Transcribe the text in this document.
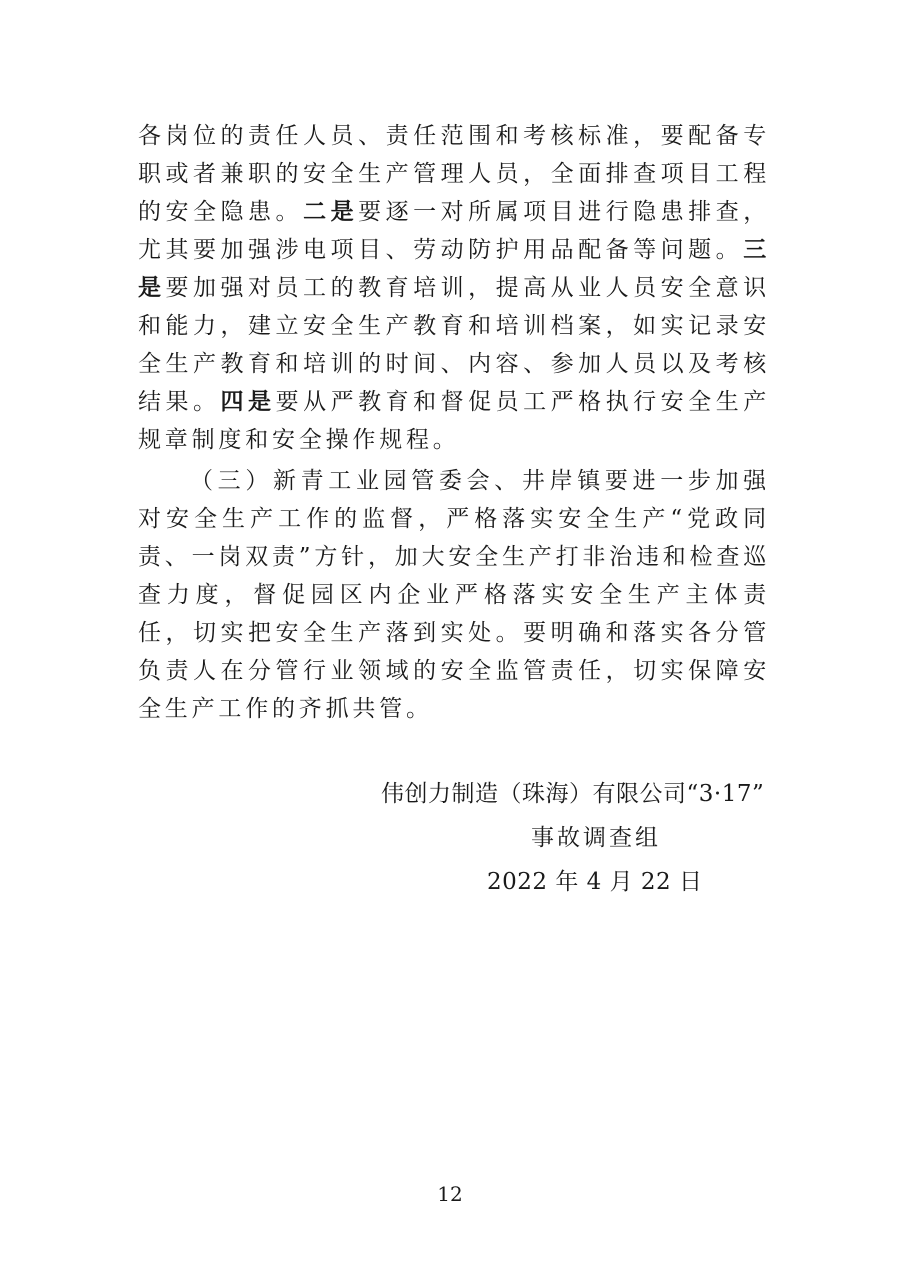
各岗位的责任人员、责任范围和考核标准，要配备专职或者兼职的安全生产管理人员，全面排查项目工程的安全隐患。二是要逐一对所属项目进行隐患排查，尤其要加强涉电项目、劳动防护用品配备等问题。三是要加强对员工的教育培训，提高从业人员安全意识和能力，建立安全生产教育和培训档案，如实记录安全生产教育和培训的时间、内容、参加人员以及考核结果。四是要从严教育和督促员工严格执行安全生产规章制度和安全操作规程。

（三）新青工业园管委会、井岸镇要进一步加强对安全生产工作的监督，严格落实安全生产“党政同责、一岗双责”方针，加大安全生产打非治违和检查巡查力度，督促园区内企业严格落实安全生产主体责任，切实把安全生产落到实处。要明确和落实各分管负责人在分管行业领域的安全监管责任，切实保障安全生产工作的齐抓共管。

伟创力制造（珠海）有限公司“3·17”
事故调查组
2022 年 4 月 22 日
12
